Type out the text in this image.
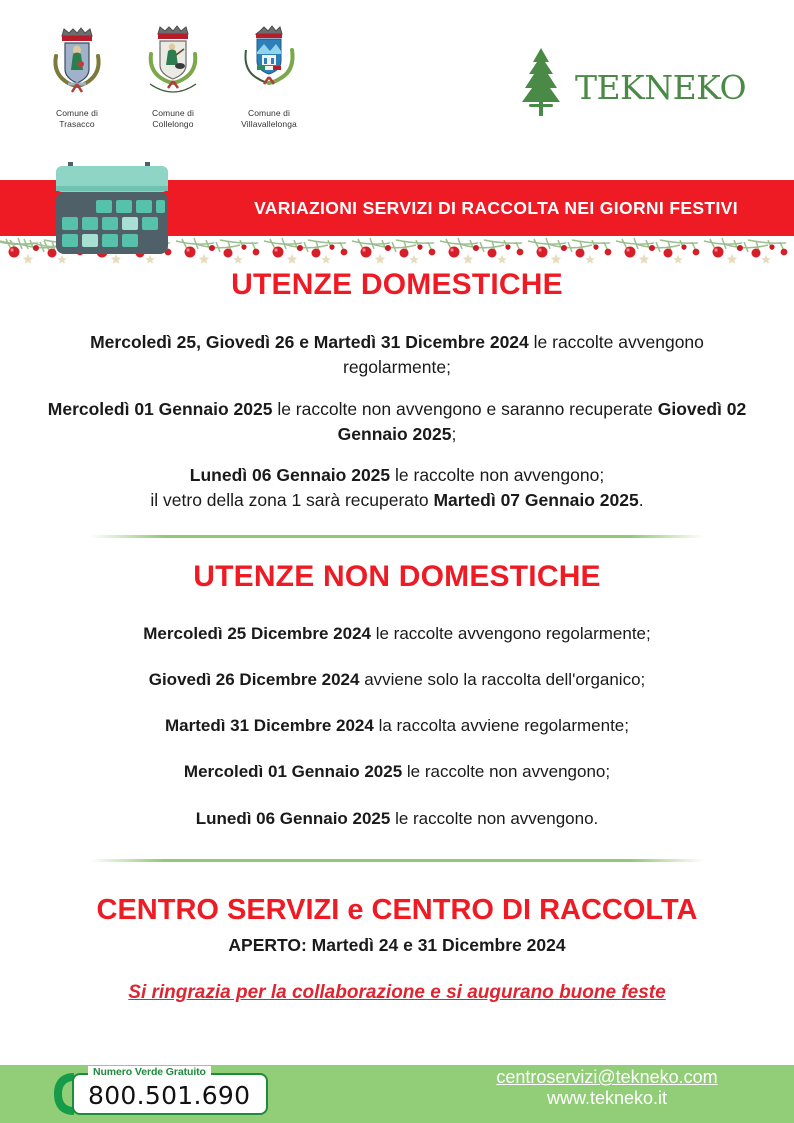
Comune di
Trasacco
Comune di
Collelongo
Comune di
Villavallelonga
tekneko
VARIAZIONI SERVIZI DI RACCOLTA NEI GIORNI FESTIVI
UTENZE DOMESTICHE

Mercoledì 25, Giovedì 26 e Martedì 31 Dicembre 2024 le raccolte avvengono regolarmente;

Mercoledì 01 Gennaio 2025 le raccolte non avvengono e saranno recuperate Giovedì 02 Gennaio 2025;

Lunedì 06 Gennaio 2025 le raccolte non avvengono;
il vetro della zona 1 sarà recuperato Martedì 07 Gennaio 2025.

UTENZE NON DOMESTICHE

Mercoledì 25 Dicembre 2024 le raccolte avvengono regolarmente;

Giovedì 26 Dicembre 2024 avviene solo la raccolta dell'organico;

Martedì 31 Dicembre 2024 la raccolta avviene regolarmente;

Mercoledì 01 Gennaio 2025 le raccolte non avvengono;

Lunedì 06 Gennaio 2025 le raccolte non avvengono.

CENTRO SERVIZI e CENTRO DI RACCOLTA
APERTO: Martedì 24 e 31 Dicembre 2024
Si ringrazia per la collaborazione e si augurano buone feste
Numero Verde Gratuito
800.501.690
centroservizi@tekneko.com
www.tekneko.it
